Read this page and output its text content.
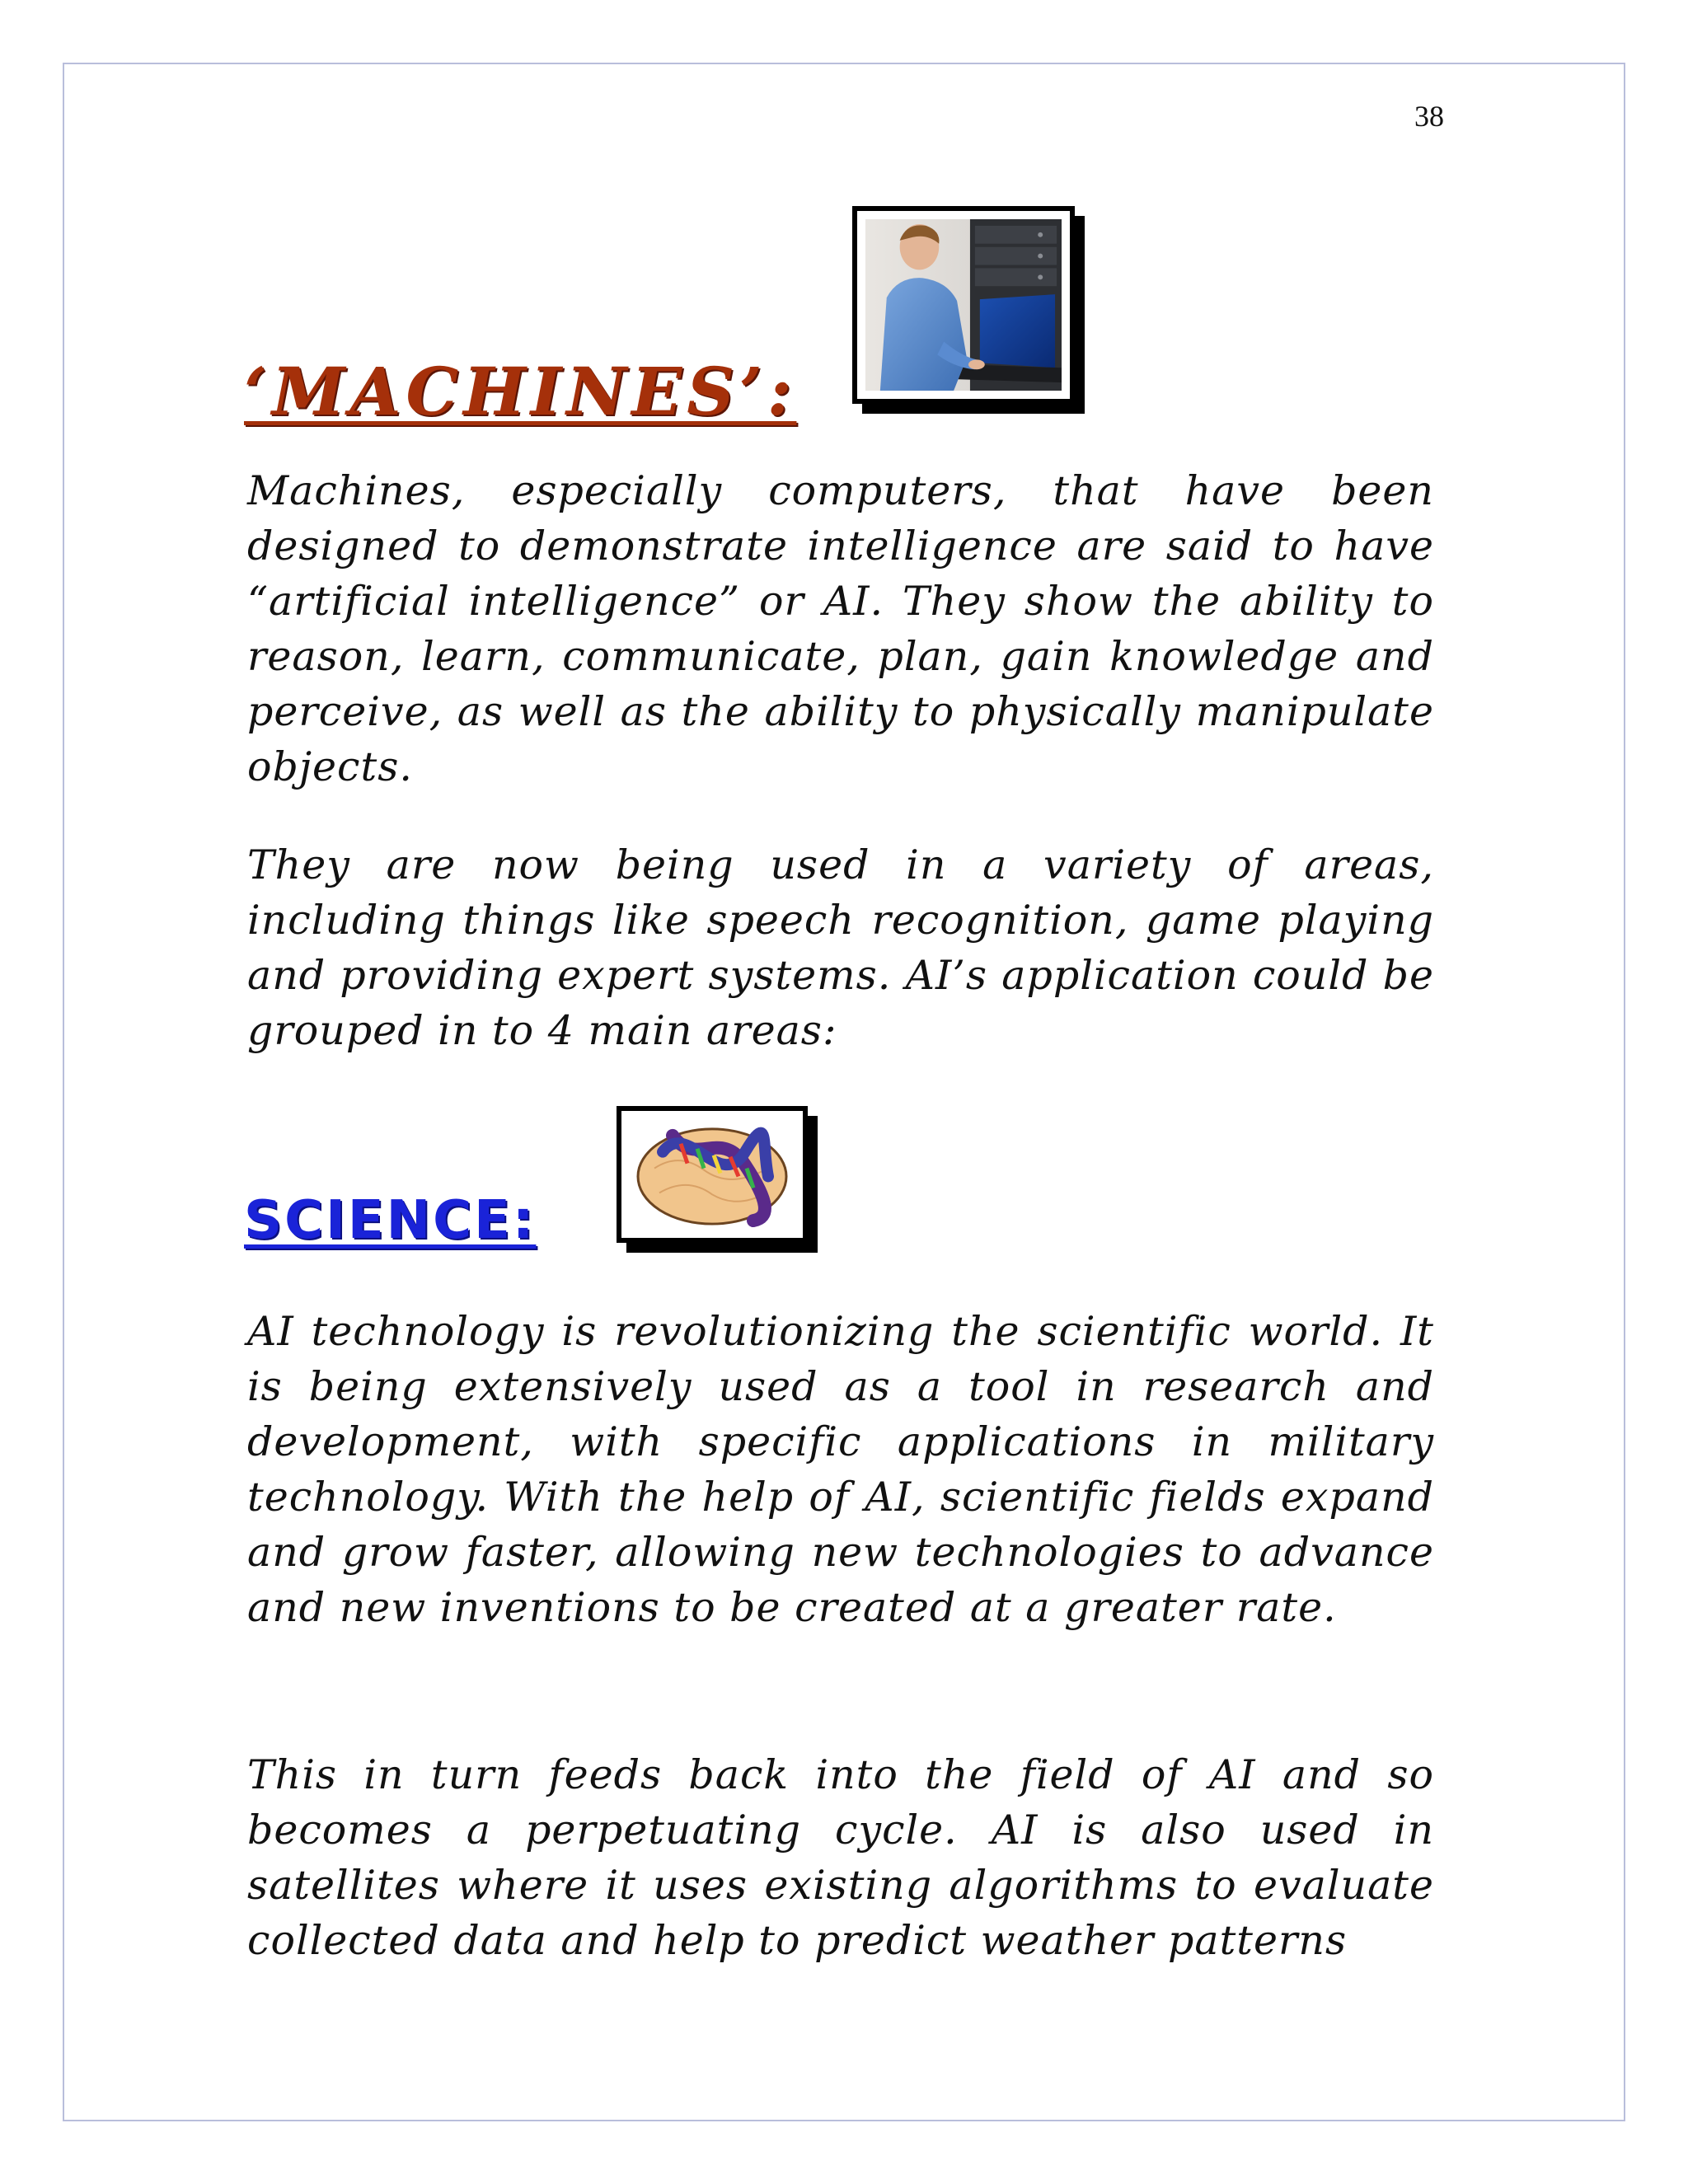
38
‘MACHINES’:

Machines, especially computers, that have been designed to demonstrate intelligence are said to have “artificial intelligence” or AI. They show the ability to reason, learn, communicate, plan, gain knowledge and perceive, as well as the ability to physically manipulate objects.

They are now being used in a variety of areas, including things like speech recognition, game playing and providing expert systems. AI’s application could be grouped in to 4 main areas:

SCIENCE:

AI technology is revolutionizing the scientific world. It is being extensively used as a tool in research and development, with specific applications in military technology. With the help of AI, scientific fields expand and grow faster, allowing new technologies to advance and new inventions to be created at a greater rate.

This in turn feeds back into the field of AI and so becomes a perpetuating cycle. AI is also used in satellites where it uses existing algorithms to evaluate collected data and help to predict weather patterns
